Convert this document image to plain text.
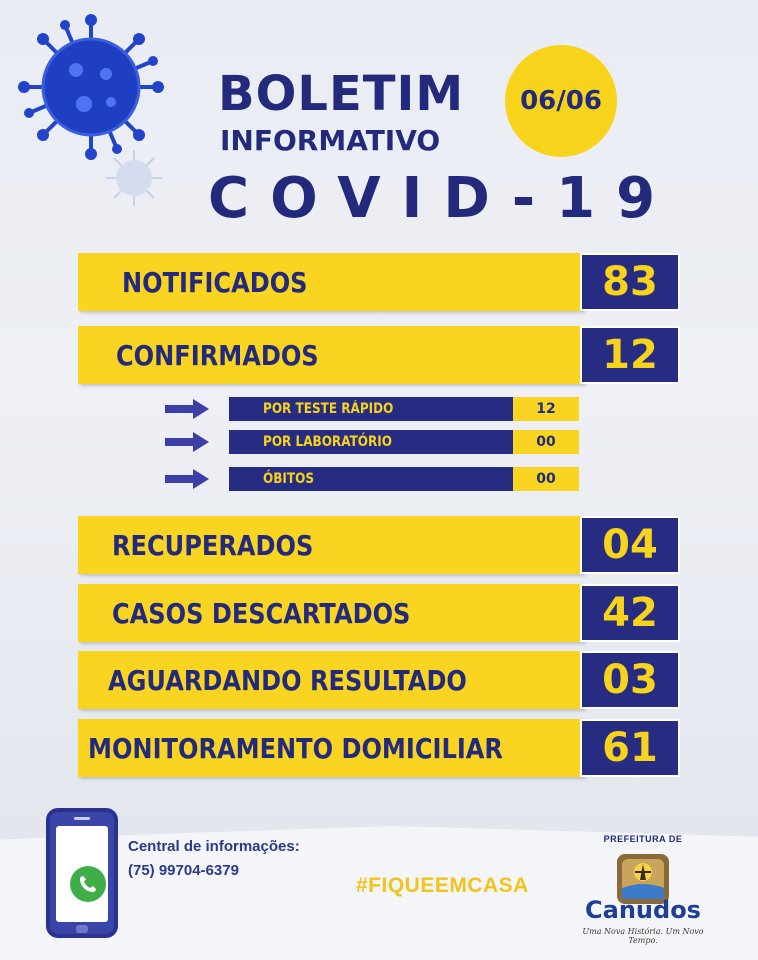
BOLETIM
INFORMATIVO
06/06
COVID-19
NOTIFICADOS	83
CONFIRMADOS	12
POR TESTE RÁPIDO	12
POR LABORATÓRIO	00
ÓBITOS	00
RECUPERADOS	04
CASOS DESCARTADOS	42
AGUARDANDO RESULTADO	03
MONITORAMENTO DOMICILIAR 61
Central de informações:
(75) 99704-6379
#FIQUEEMCASA
PREFEITURA DE
Canudos
Uma Nova História. Um Novo Tempo.
